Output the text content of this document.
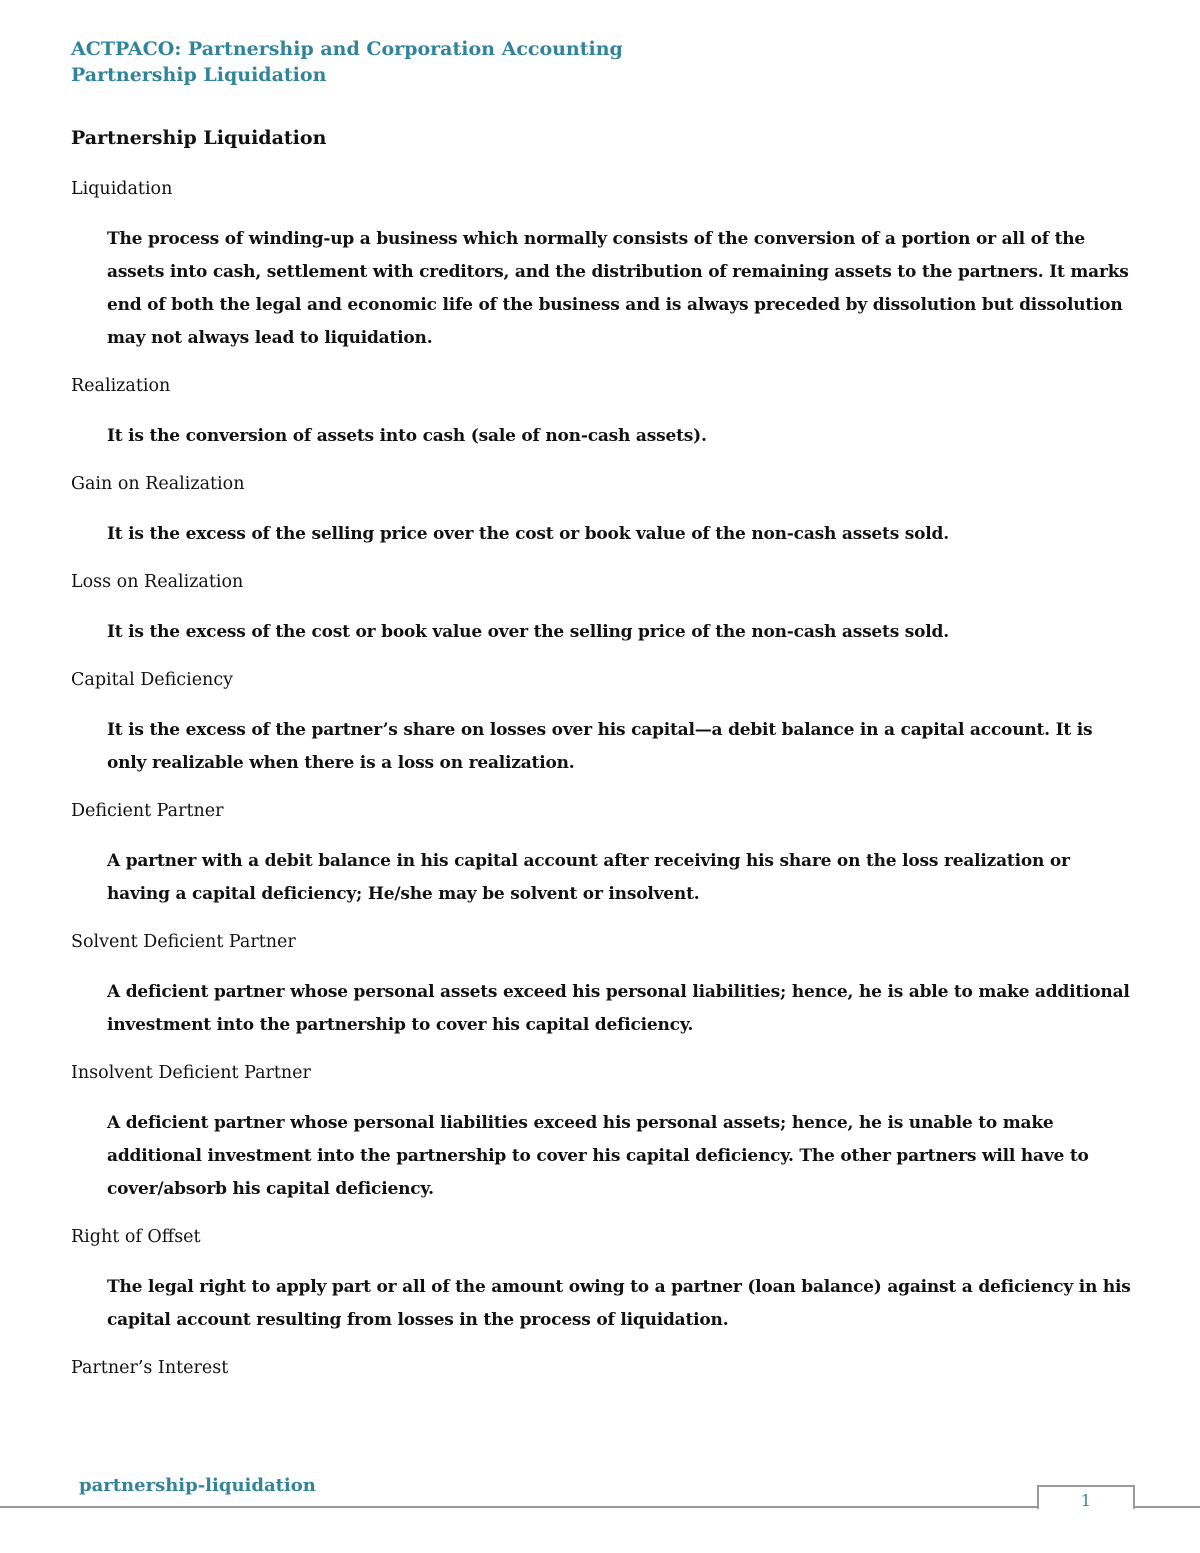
ACTPACO: Partnership and Corporation Accounting
Partnership Liquidation
Partnership Liquidation
Liquidation
The process of winding-up a business which normally consists of the conversion of a portion or all of the assets into cash, settlement with creditors, and the distribution of remaining assets to the partners. It marks end of both the legal and economic life of the business and is always preceded by dissolution but dissolution may not always lead to liquidation.
Realization
It is the conversion of assets into cash (sale of non-cash assets).
Gain on Realization
It is the excess of the selling price over the cost or book value of the non-cash assets sold.
Loss on Realization
It is the excess of the cost or book value over the selling price of the non-cash assets sold.
Capital Deficiency
It is the excess of the partner’s share on losses over his capital—a debit balance in a capital account. It is only realizable when there is a loss on realization.
Deficient Partner
A partner with a debit balance in his capital account after receiving his share on the loss realization or having a capital deficiency; He/she may be solvent or insolvent.
Solvent Deficient Partner
A deficient partner whose personal assets exceed his personal liabilities; hence, he is able to make additional investment into the partnership to cover his capital deficiency.
Insolvent Deficient Partner
A deficient partner whose personal liabilities exceed his personal assets; hence, he is unable to make additional investment into the partnership to cover his capital deficiency. The other partners will have to cover/absorb his capital deficiency.
Right of Offset
The legal right to apply part or all of the amount owing to a partner (loan balance) against a deficiency in his capital account resulting from losses in the process of liquidation.
Partner’s Interest
partnership-liquidation
1
